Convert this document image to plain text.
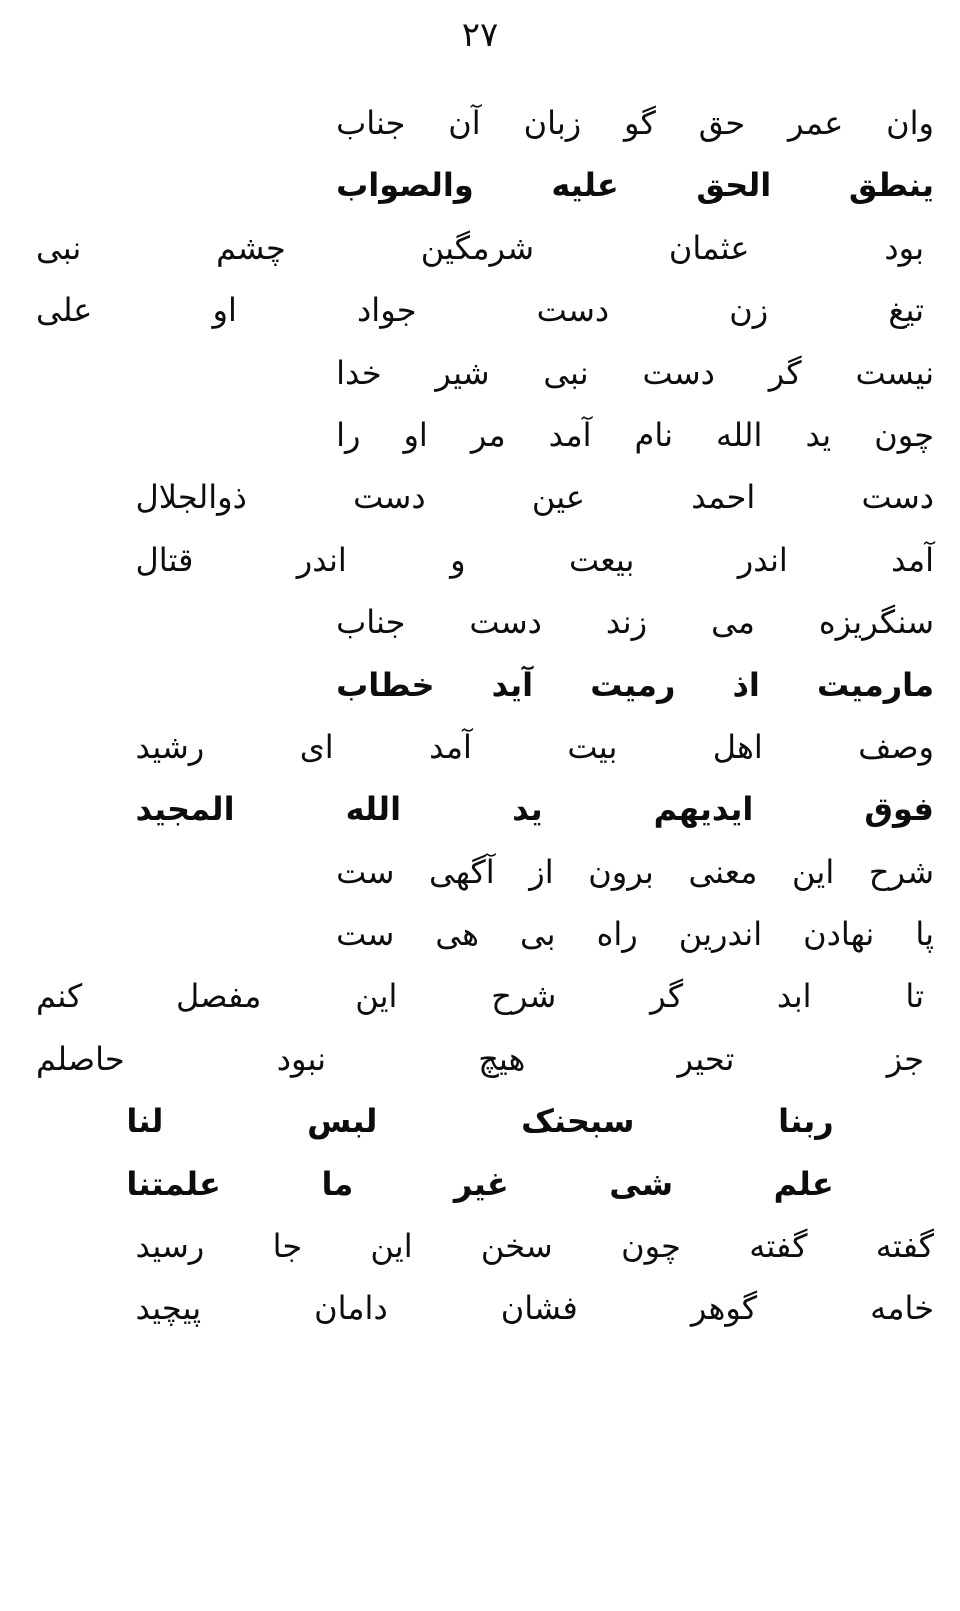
۲۷
وان
عمر
حق
گو
زبان
آن
جناب
ينطق
الحق
عليه
والصواب
بود
عثمان
شرمگين
چشم
نبى
تيغ
زن
دست
جواد
او
على
نيست
گر
دست
نبى
شير
خدا
چون
يد
الله
نام
آمد
مر
او
را
دست
احمد
عين
دست
ذوالجلال
آمد
اندر
بيعت
و
اندر
قتال
سنگريزه
مى
زند
دست
جناب
مارميت
اذ
رميت
آيد
خطاب
وصف
اهل
بيت
آمد
اى
رشيد
فوق
ايديهم
يد
الله
المجيد
شرح
اين
معنى
برون
از
آگهى
ست
پا
نهادن
اندرين
راه
بى
هى
ست
تا
ابد
گر
شرح
اين
مفصل
کنم
جز
تحير
هيچ
نبود
حاصلم
ربنا
سبحنک
لبس
لنا
علم
شى
غير
ما
علمتنا
گفته
گفته
چون
سخن
اين
جا
رسيد
خامه
گوهر
فشان
دامان
پيچيد
